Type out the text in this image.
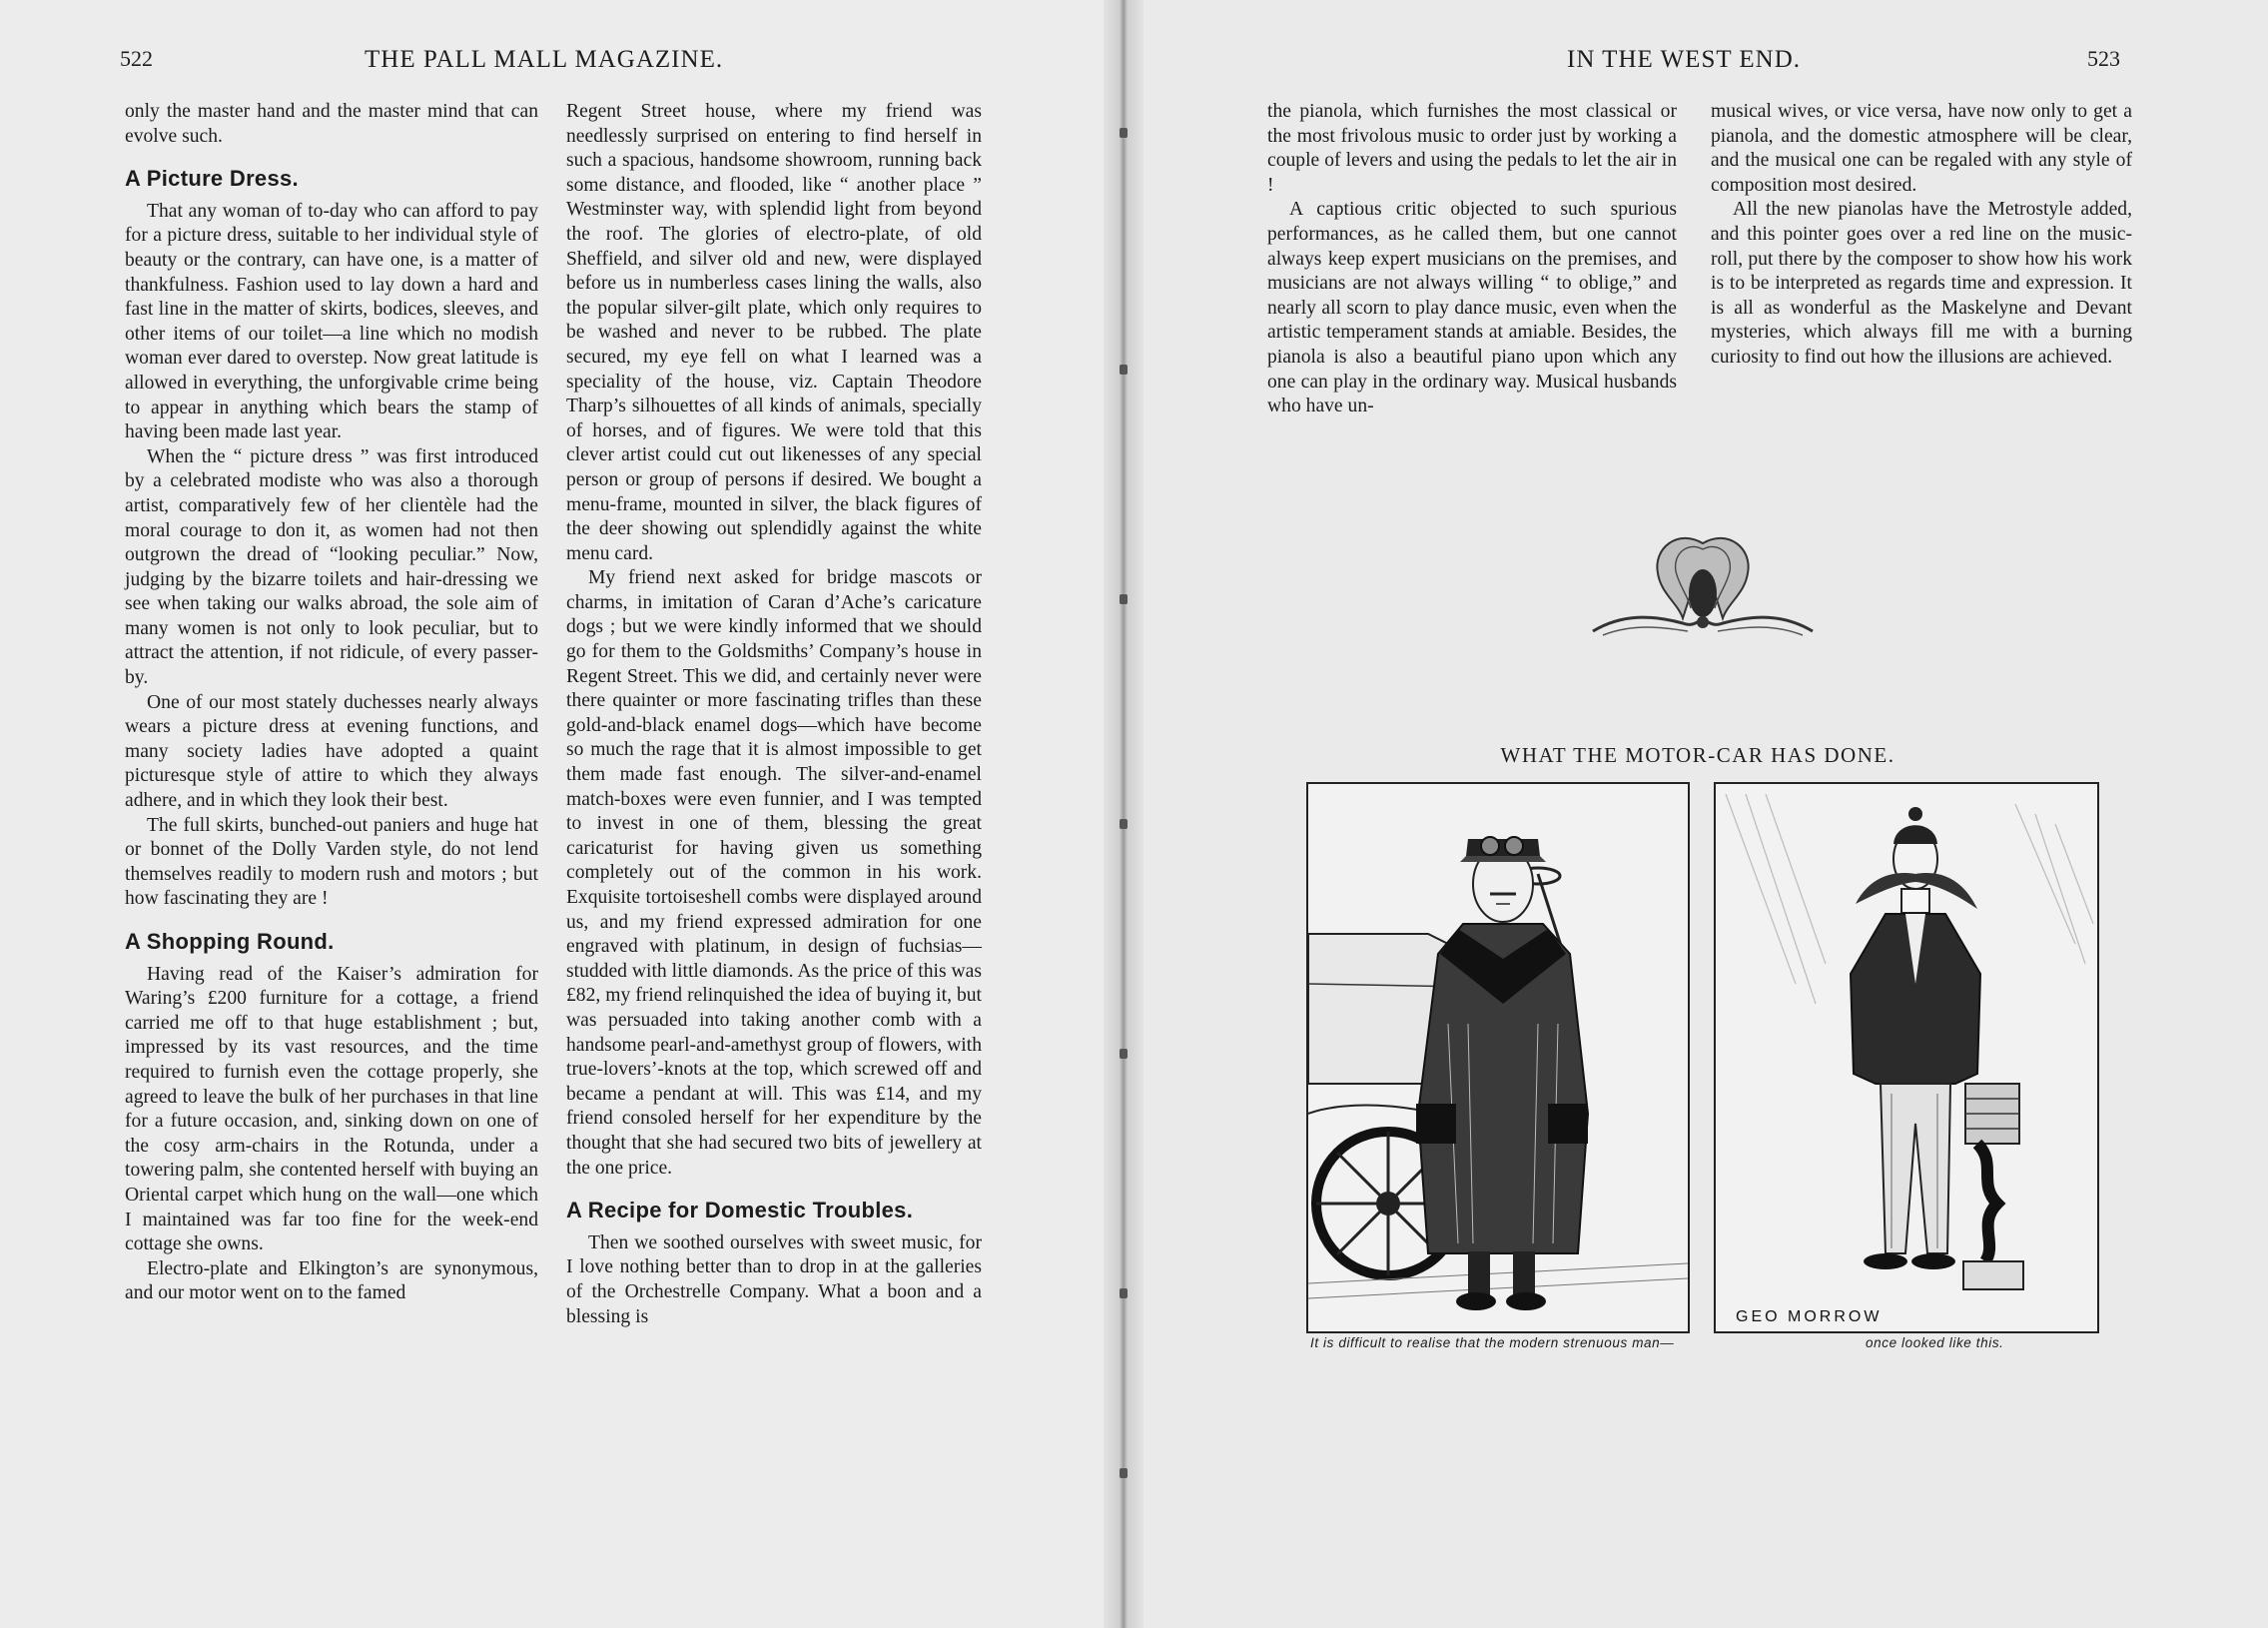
522	THE PALL MALL MAGAZINE.

only the master hand and the master mind that can evolve such.

A Picture Dress.

That any woman of to-day who can afford to pay for a picture dress, suitable to her individual style of beauty or the contrary, can have one, is a matter of thankfulness. Fashion used to lay down a hard and fast line in the matter of skirts, bodices, sleeves, and other items of our toilet—a line which no modish woman ever dared to overstep. Now great latitude is allowed in everything, the unforgivable crime being to appear in anything which bears the stamp of having been made last year.

When the “ picture dress ” was first introduced by a celebrated modiste who was also a thorough artist, comparatively few of her clientèle had the moral courage to don it, as women had not then outgrown the dread of “looking peculiar.” Now, judging by the bizarre toilets and hair-dressing we see when taking our walks abroad, the sole aim of many women is not only to look peculiar, but to attract the attention, if not ridicule, of every passer-by.

One of our most stately duchesses nearly always wears a picture dress at evening functions, and many society ladies have adopted a quaint picturesque style of attire to which they always adhere, and in which they look their best.

The full skirts, bunched-out paniers and huge hat or bonnet of the Dolly Varden style, do not lend themselves readily to modern rush and motors ; but how fascinating they are !

A Shopping Round.

Having read of the Kaiser’s admiration for Waring’s £200 furniture for a cottage, a friend carried me off to that huge establishment ; but, impressed by its vast resources, and the time required to furnish even the cottage properly, she agreed to leave the bulk of her purchases in that line for a future occasion, and, sinking down on one of the cosy arm-chairs in the Rotunda, under a towering palm, she contented herself with buying an Oriental carpet which hung on the wall—one which I maintained was far too fine for the week-end cottage she owns.

Electro-plate and Elkington’s are synonymous, and our motor went on to the famed

Regent Street house, where my friend was needlessly surprised on entering to find herself in such a spacious, handsome showroom, running back some distance, and flooded, like “ another place ” Westminster way, with splendid light from beyond the roof. The glories of electro-plate, of old Sheffield, and silver old and new, were displayed before us in numberless cases lining the walls, also the popular silver-gilt plate, which only requires to be washed and never to be rubbed. The plate secured, my eye fell on what I learned was a speciality of the house, viz. Captain Theodore Tharp’s silhouettes of all kinds of animals, specially of horses, and of figures. We were told that this clever artist could cut out likenesses of any special person or group of persons if desired. We bought a menu-frame, mounted in silver, the black figures of the deer showing out splendidly against the white menu card.

My friend next asked for bridge mascots or charms, in imitation of Caran d’Ache’s caricature dogs ; but we were kindly informed that we should go for them to the Goldsmiths’ Company’s house in Regent Street. This we did, and certainly never were there quainter or more fascinating trifles than these gold-and-black enamel dogs—which have become so much the rage that it is almost impossible to get them made fast enough. The silver-and-enamel match-boxes were even funnier, and I was tempted to invest in one of them, blessing the great caricaturist for having given us something completely out of the common in his work. Exquisite tortoiseshell combs were displayed around us, and my friend expressed admiration for one engraved with platinum, in design of fuchsias—studded with little diamonds. As the price of this was £82, my friend relinquished the idea of buying it, but was persuaded into taking another comb with a handsome pearl-and-amethyst group of flowers, with true-lovers’-knots at the top, which screwed off and became a pendant at will. This was £14, and my friend consoled herself for her expenditure by the thought that she had secured two bits of jewellery at the one price.

A Recipe for Domestic Troubles.

Then we soothed ourselves with sweet music, for I love nothing better than to drop in at the galleries of the Orchestrelle Company. What a boon and a blessing is

IN THE WEST END.	523

the pianola, which furnishes the most classical or the most frivolous music to order just by working a couple of levers and using the pedals to let the air in !

A captious critic objected to such spurious performances, as he called them, but one cannot always keep expert musicians on the premises, and musicians are not always willing “ to oblige,” and nearly all scorn to play dance music, even when the artistic temperament stands at amiable. Besides, the pianola is also a beautiful piano upon which any one can play in the ordinary way. Musical husbands who have un-

musical wives, or vice versa, have now only to get a pianola, and the domestic atmosphere will be clear, and the musical one can be regaled with any style of composition most desired.

All the new pianolas have the Metrostyle added, and this pointer goes over a red line on the music-roll, put there by the composer to show how his work is to be interpreted as regards time and expression. It is all as wonderful as the Maskelyne and Devant mysteries, which always fill me with a burning curiosity to find out how the illusions are achieved.

WHAT THE MOTOR-CAR HAS DONE.
GEO MORROW
It is difficult to realise that the modern strenuous man—	once looked like this.
